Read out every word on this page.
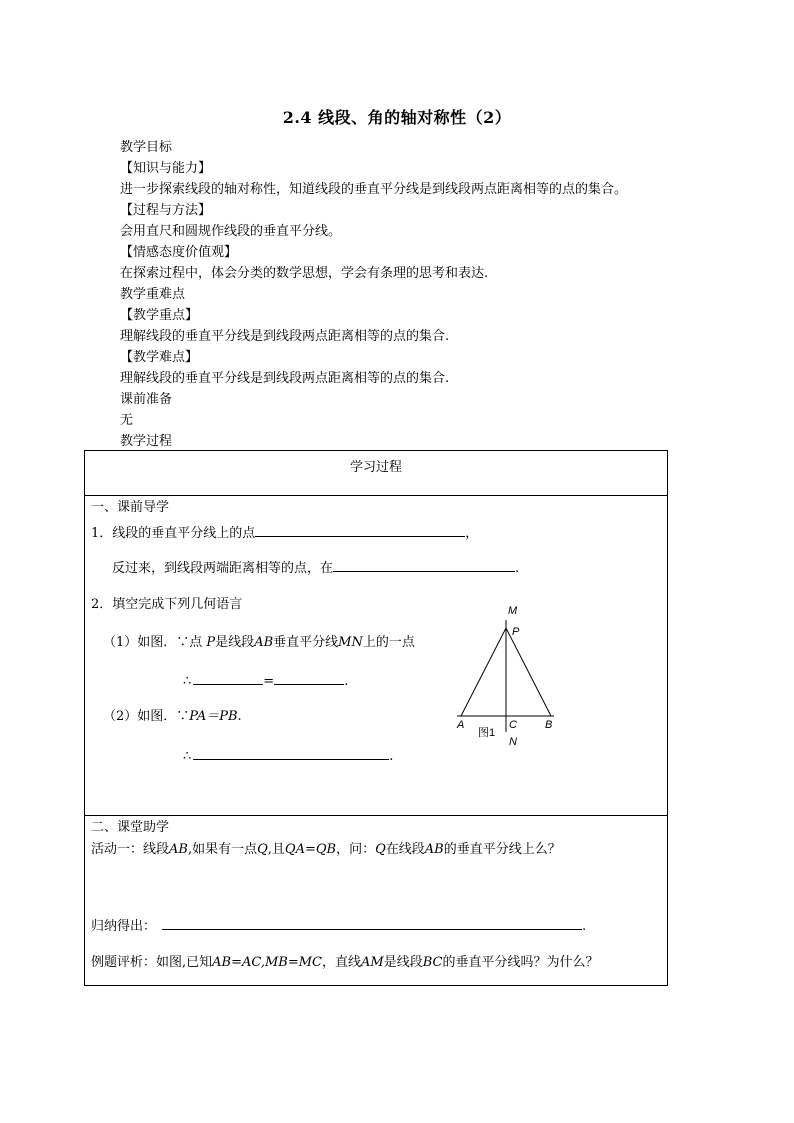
2.4 线段、角的轴对称性（2）
教学目标
【知识与能力】
进一步探索线段的轴对称性，知道线段的垂直平分线是到线段两点距离相等的点的集合。
【过程与方法】
会用直尺和圆规作线段的垂直平分线。
【情感态度价值观】
在探索过程中，体会分类的数学思想，学会有条理的思考和表达.
教学重难点
【教学重点】
理解线段的垂直平分线是到线段两点距离相等的点的集合.
【教学难点】
理解线段的垂直平分线是到线段两点距离相等的点的集合.
课前准备
无
教学过程
学习过程
一、课前导学
1．线段的垂直平分线上的点	，
反过来，到线段两端距离相等的点，在	.
2．填空完成下列几何语言
（1）如图．∵点 P是线段AB垂直平分线MN上的一点
∴	=	.
（2）如图．∵PA＝PB.
∴	.
M
P
A	B
C
N
图1
二、课堂助学
活动一：线段AB,如果有一点Q,且QA=QB，问：Q在线段AB的垂直平分线上么？
归纳得出：	.
例题评析：如图,已知AB=AC,MB=MC，直线AM是线段BC的垂直平分线吗？为什么？
